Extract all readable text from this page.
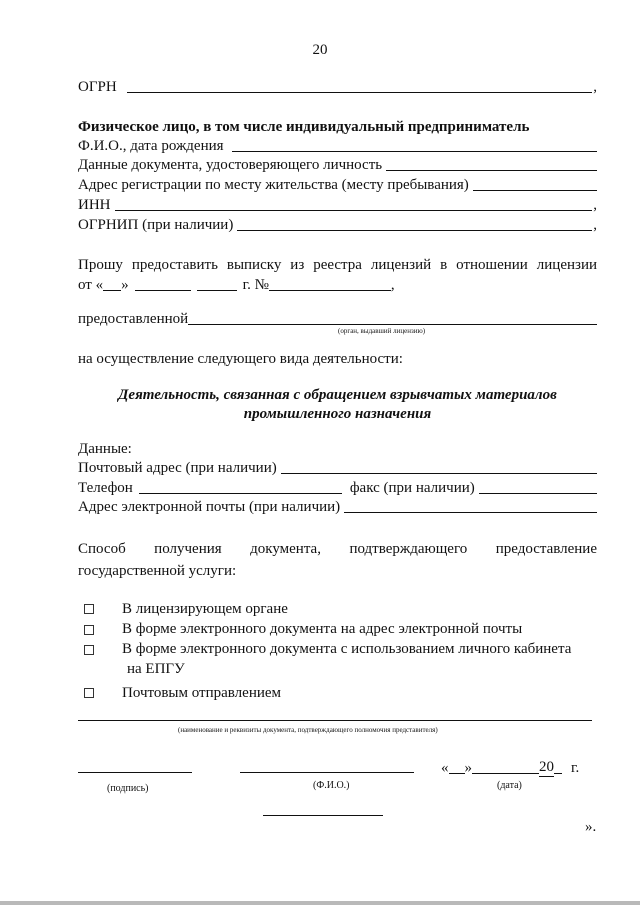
20
ОГРН	,
Физическое лицо, в том числе индивидуальный предприниматель
Ф.И.О., дата рождения
Данные документа, удостоверяющего личность
Адрес регистрации по месту жительства (месту пребывания)
ИНН	,
ОГРНИП (при наличии)	,
Прошу предоставить выписку из реестра лицензий в отношении лицензии
от « »	г. №	,
предоставленной
(орган, выдавший лицензию)
на осуществление следующего вида деятельности:
Деятельность, связанная с обращением взрывчатых материалов
промышленного назначения
Данные:
Почтовый адрес (при наличии)
Телефон	факс (при наличии)
Адрес электронной почты (при наличии)
Способ получения документа, подтверждающего предоставление
государственной услуги:
В лицензирующем органе
В форме электронного документа на адрес электронной почты
В форме электронного документа с использованием личного кабинета
на ЕПГУ
Почтовым отправлением
(наименование и реквизиты документа, подтверждающего полномочия представителя)
« »	20 г.
(подпись)	(Ф.И.О.)	(дата)
».
